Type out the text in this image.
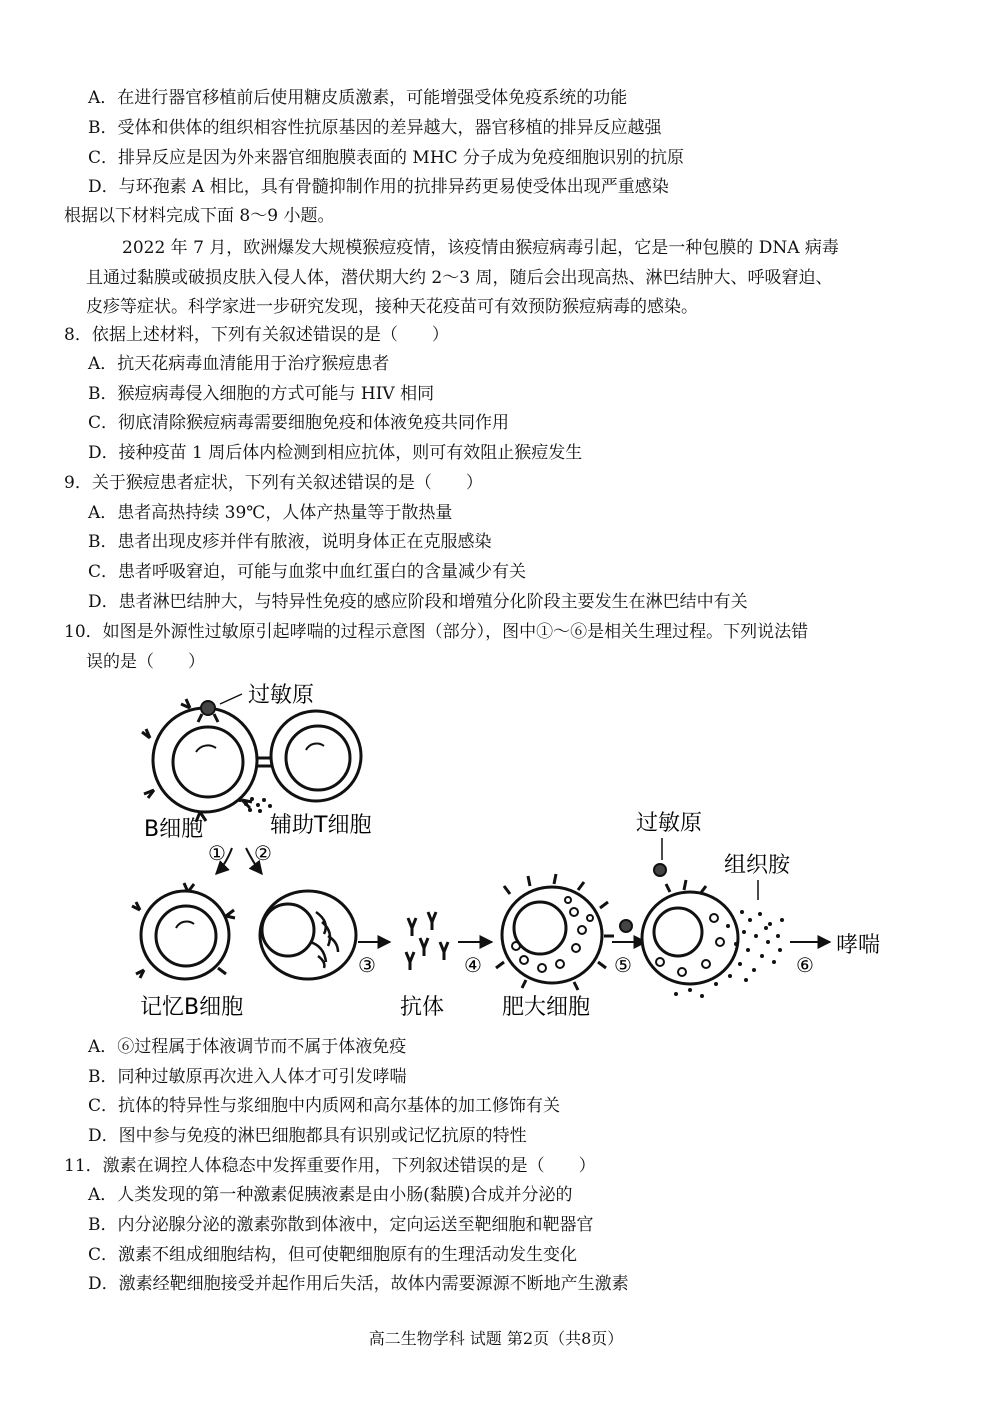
A．在进行器官移植前后使用糖皮质激素，可能增强受体免疫系统的功能
B．受体和供体的组织相容性抗原基因的差异越大，器官移植的排异反应越强
C．排异反应是因为外来器官细胞膜表面的 MHC 分子成为免疫细胞识别的抗原
D．与环孢素 A 相比，具有骨髓抑制作用的抗排异药更易使受体出现严重感染
根据以下材料完成下面 8～9 小题。
2022 年 7 月，欧洲爆发大规模猴痘疫情，该疫情由猴痘病毒引起，它是一种包膜的 DNA 病毒
且通过黏膜或破损皮肤入侵人体，潜伏期大约 2～3 周，随后会出现高热、淋巴结肿大、呼吸窘迫、
皮疹等症状。科学家进一步研究发现，接种天花疫苗可有效预防猴痘病毒的感染。
8．依据上述材料，下列有关叙述错误的是（　　）
A．抗天花病毒血清能用于治疗猴痘患者
B．猴痘病毒侵入细胞的方式可能与 HIV 相同
C．彻底清除猴痘病毒需要细胞免疫和体液免疫共同作用
D．接种疫苗 1 周后体内检测到相应抗体，则可有效阻止猴痘发生
9．关于猴痘患者症状，下列有关叙述错误的是（　　）
A．患者高热持续 39℃，人体产热量等于散热量
B．患者出现皮疹并伴有脓液，说明身体正在克服感染
C．患者呼吸窘迫，可能与血浆中血红蛋白的含量减少有关
D．患者淋巴结肿大，与特异性免疫的感应阶段和增殖分化阶段主要发生在淋巴结中有关
10．如图是外源性过敏原引起哮喘的过程示意图（部分），图中①～⑥是相关生理过程。下列说法错
误的是（　　）
过敏原
B细胞	辅助T细胞
① ②
记忆B细胞
③
抗体
④
肥大细胞
⑤
过敏原
组织胺
⑥
哮喘
A．⑥过程属于体液调节而不属于体液免疫
B．同种过敏原再次进入人体才可引发哮喘
C．抗体的特异性与浆细胞中内质网和高尔基体的加工修饰有关
D．图中参与免疫的淋巴细胞都具有识别或记忆抗原的特性
11．激素在调控人体稳态中发挥重要作用，下列叙述错误的是（　　）
A．人类发现的第一种激素促胰液素是由小肠(黏膜)合成并分泌的
B．内分泌腺分泌的激素弥散到体液中，定向运送至靶细胞和靶器官
C．激素不组成细胞结构，但可使靶细胞原有的生理活动发生变化
D．激素经靶细胞接受并起作用后失活，故体内需要源源不断地产生激素
高二生物学科 试题 第2页（共8页）
